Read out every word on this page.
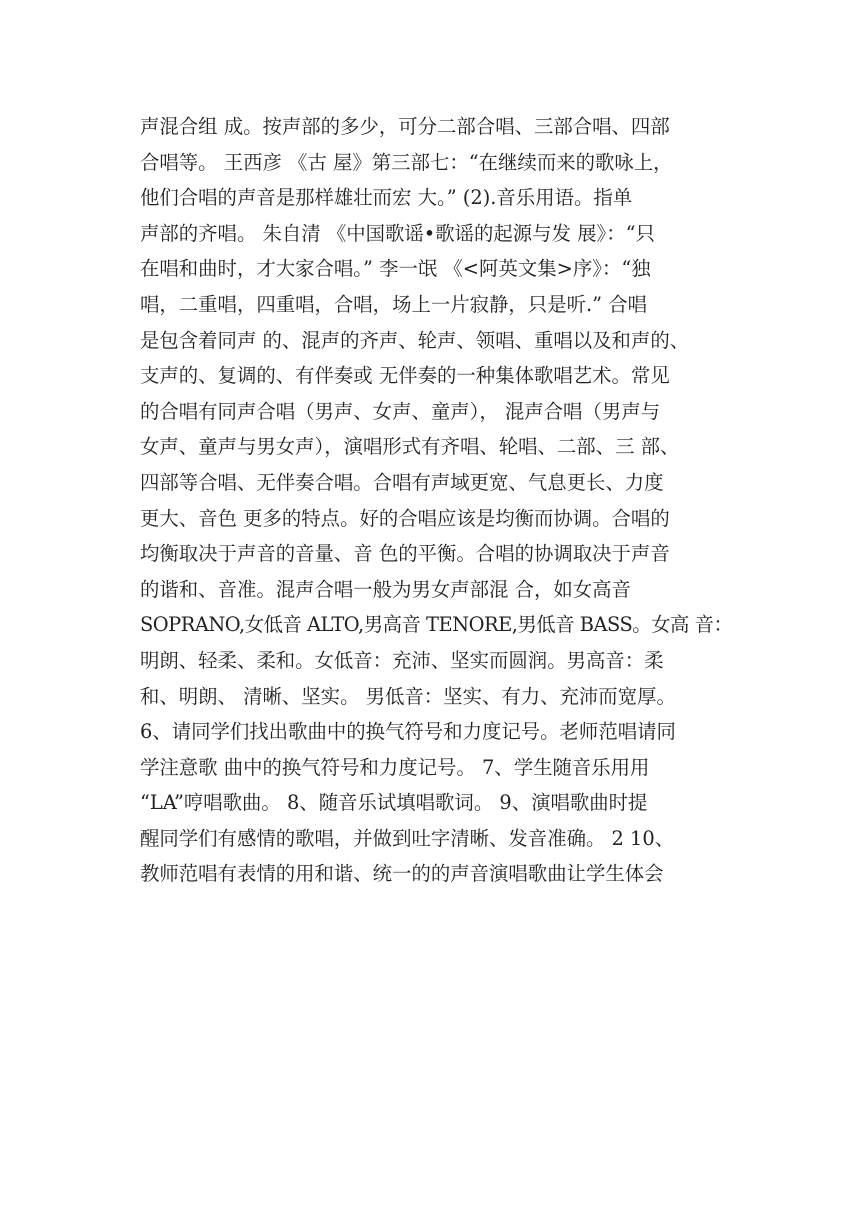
声混合组 成。按声部的多少，可分二部合唱、三部合唱、四部
合唱等。 王西彦 《古 屋》第三部七：“在继续而来的歌咏上，
他们合唱的声音是那样雄壮而宏 大。” (2).音乐用语。指单
声部的齐唱。 朱自清 《中国歌谣•歌谣的起源与发 展》：“只
在唱和曲时，才大家合唱。” 李一氓 《<阿英文集>序》：“独
唱，二重唱，四重唱，合唱，场上一片寂静，只是听.” 合唱
是包含着同声 的、混声的齐声、轮声、领唱、重唱以及和声的、
支声的、复调的、有伴奏或 无伴奏的一种集体歌唱艺术。常见
的合唱有同声合唱（男声、女声、童声）， 混声合唱（男声与
女声、童声与男女声），演唱形式有齐唱、轮唱、二部、三 部、
四部等合唱、无伴奏合唱。合唱有声域更宽、气息更长、力度
更大、音色 更多的特点。好的合唱应该是均衡而协调。合唱的
均衡取决于声音的音量、音 色的平衡。合唱的协调取决于声音
的谐和、音准。混声合唱一般为男女声部混 合，如女高音
SOPRANO,女低音 ALTO,男高音 TENORE,男低音 BASS。女高 音：
明朗、轻柔、柔和。女低音：充沛、坚实而圆润。男高音：柔
和、明朗、 清晰、坚实。 男低音：坚实、有力、充沛而宽厚。
6、请同学们找出歌曲中的换气符号和力度记号。老师范唱请同
学注意歌 曲中的换气符号和力度记号。 7、学生随音乐用用
“LA”哼唱歌曲。 8、随音乐试填唱歌词。 9、演唱歌曲时提
醒同学们有感情的歌唱，并做到吐字清晰、发音准确。 2 10、
教师范唱有表情的用和谐、统一的的声音演唱歌曲让学生体会
